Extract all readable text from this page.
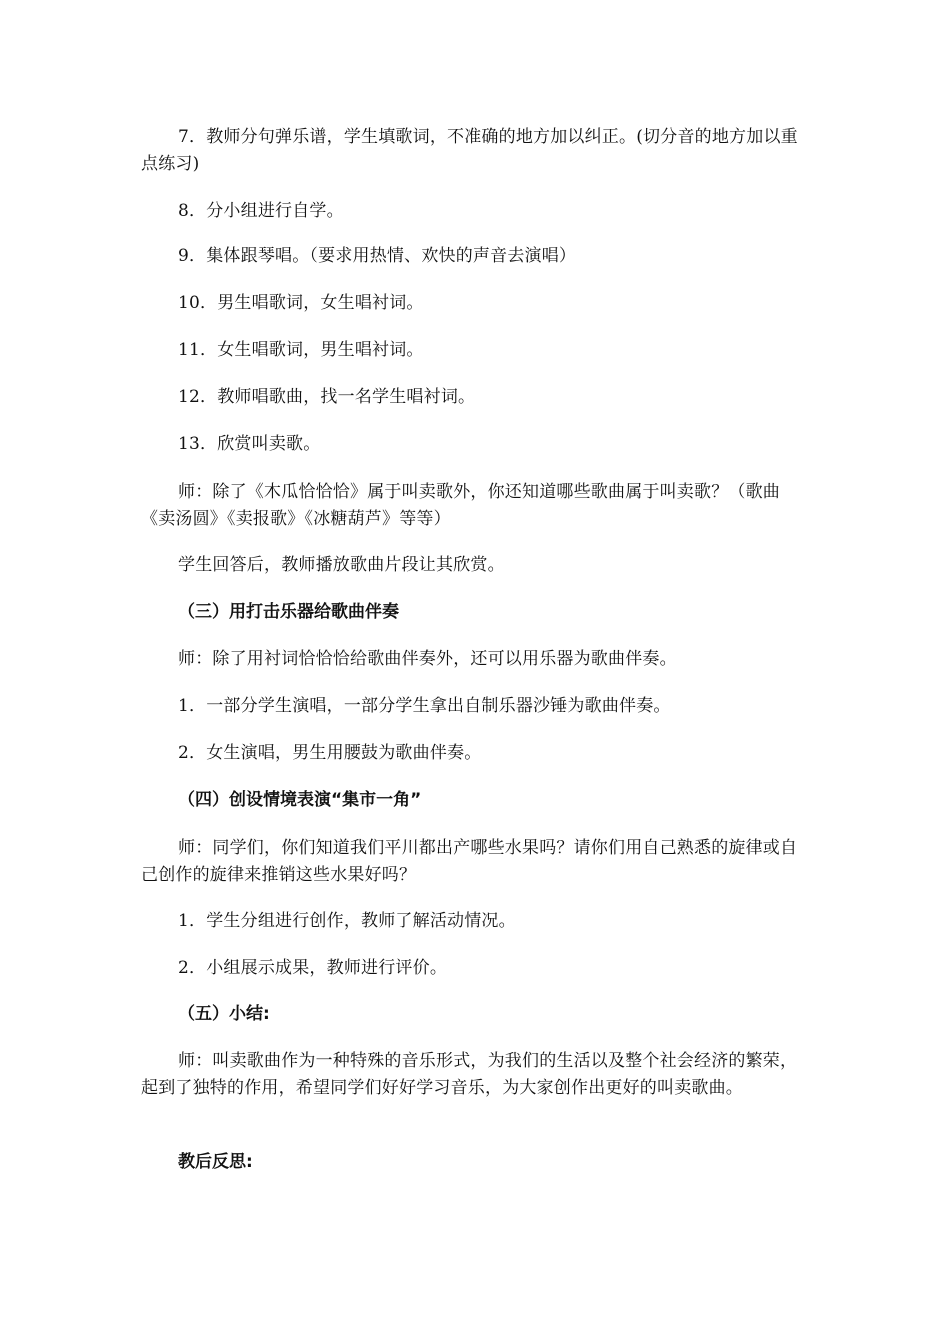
7．教师分句弹乐谱，学生填歌词，不准确的地方加以纠正。(切分音的地方加以重点练习)

8．分小组进行自学。

9．集体跟琴唱。（要求用热情、欢快的声音去演唱）

10．男生唱歌词，女生唱衬词。

11．女生唱歌词，男生唱衬词。

12．教师唱歌曲，找一名学生唱衬词。

13．欣赏叫卖歌。

师：除了《木瓜恰恰恰》属于叫卖歌外，你还知道哪些歌曲属于叫卖歌？（歌曲《卖汤圆》《卖报歌》《冰糖葫芦》等等）

学生回答后，教师播放歌曲片段让其欣赏。

（三）用打击乐器给歌曲伴奏

师：除了用衬词恰恰恰给歌曲伴奏外，还可以用乐器为歌曲伴奏。

1．一部分学生演唱，一部分学生拿出自制乐器沙锤为歌曲伴奏。

2．女生演唱，男生用腰鼓为歌曲伴奏。

（四）创设情境表演“集市一角”

师：同学们，你们知道我们平川都出产哪些水果吗？请你们用自己熟悉的旋律或自己创作的旋律来推销这些水果好吗？

1．学生分组进行创作，教师了解活动情况。

2．小组展示成果，教师进行评价。

（五）小结:

师：叫卖歌曲作为一种特殊的音乐形式，为我们的生活以及整个社会经济的繁荣，起到了独特的作用，希望同学们好好学习音乐，为大家创作出更好的叫卖歌曲。

教后反思:
